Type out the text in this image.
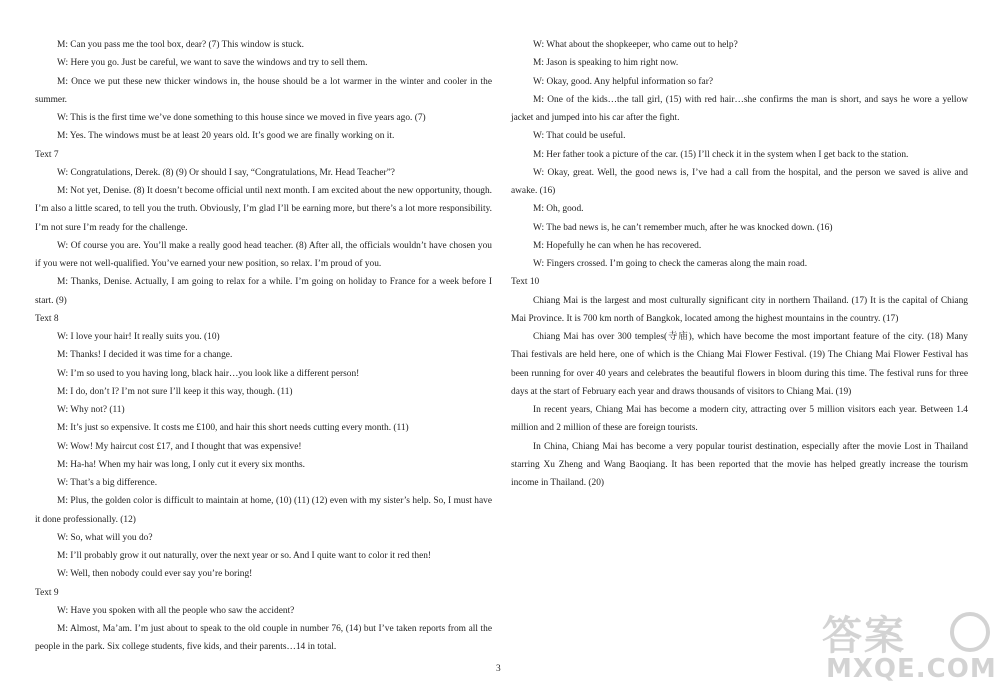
M: Can you pass me the tool box, dear? (7) This window is stuck.

W: Here you go. Just be careful, we want to save the windows and try to sell them.

M: Once we put these new thicker windows in, the house should be a lot warmer in the winter and cooler in the summer.

W: This is the first time we’ve done something to this house since we moved in five years ago. (7)

M: Yes. The windows must be at least 20 years old. It’s good we are finally working on it.

Text 7

W: Congratulations, Derek. (8) (9) Or should I say, “Congratulations, Mr. Head Teacher”?

M: Not yet, Denise. (8) It doesn’t become official until next month. I am excited about the new opportunity, though. I’m also a little scared, to tell you the truth. Obviously, I’m glad I’ll be earning more, but there’s a lot more responsibility. I’m not sure I’m ready for the challenge.

W: Of course you are. You’ll make a really good head teacher. (8) After all, the officials wouldn’t have chosen you if you were not well-qualified. You’ve earned your new position, so relax. I’m proud of you.

M: Thanks, Denise. Actually, I am going to relax for a while. I’m going on holiday to France for a week before I start. (9)

Text 8

W: I love your hair! It really suits you. (10)

M: Thanks! I decided it was time for a change.

W: I’m so used to you having long, black hair…you look like a different person!

M: I do, don’t I? I’m not sure I’ll keep it this way, though. (11)

W: Why not? (11)

M: It’s just so expensive. It costs me £100, and hair this short needs cutting every month. (11)

W: Wow! My haircut cost £17, and I thought that was expensive!

M: Ha-ha! When my hair was long, I only cut it every six months.

W: That’s a big difference.

M: Plus, the golden color is difficult to maintain at home, (10) (11) (12) even with my sister’s help. So, I must have it done professionally. (12)

W: So, what will you do?

M: I’ll probably grow it out naturally, over the next year or so. And I quite want to color it red then!

W: Well, then nobody could ever say you’re boring!

Text 9

W: Have you spoken with all the people who saw the accident?

M: Almost, Ma’am. I’m just about to speak to the old couple in number 76, (14) but I’ve taken reports from all the people in the park. Six college students, five kids, and their parents…14 in total.

W: What about the shopkeeper, who came out to help?

M: Jason is speaking to him right now.

W: Okay, good. Any helpful information so far?

M: One of the kids…the tall girl, (15) with red hair…she confirms the man is short, and says he wore a yellow jacket and jumped into his car after the fight.

W: That could be useful.

M: Her father took a picture of the car. (15) I’ll check it in the system when I get back to the station.

W: Okay, great. Well, the good news is, I’ve had a call from the hospital, and the person we saved is alive and awake. (16)

M: Oh, good.

W: The bad news is, he can’t remember much, after he was knocked down. (16)

M: Hopefully he can when he has recovered.

W: Fingers crossed. I’m going to check the cameras along the main road.

Text 10

Chiang Mai is the largest and most culturally significant city in northern Thailand. (17) It is the capital of Chiang Mai Province. It is 700 km north of Bangkok, located among the highest mountains in the country. (17)

Chiang Mai has over 300 temples(寺庙), which have become the most important feature of the city. (18) Many Thai festivals are held here, one of which is the Chiang Mai Flower Festival. (19) The Chiang Mai Flower Festival has been running for over 40 years and celebrates the beautiful flowers in bloom during this time. The festival runs for three days at the start of February each year and draws thousands of visitors to Chiang Mai. (19)

In recent years, Chiang Mai has become a modern city, attracting over 5 million visitors each year. Between 1.4 million and 2 million of these are foreign tourists.

In China, Chiang Mai has become a very popular tourist destination, especially after the movie Lost in Thailand starring Xu Zheng and Wang Baoqiang. It has been reported that the movie has helped greatly increase the tourism income in Thailand. (20)

3
答案
MXQE.COM
